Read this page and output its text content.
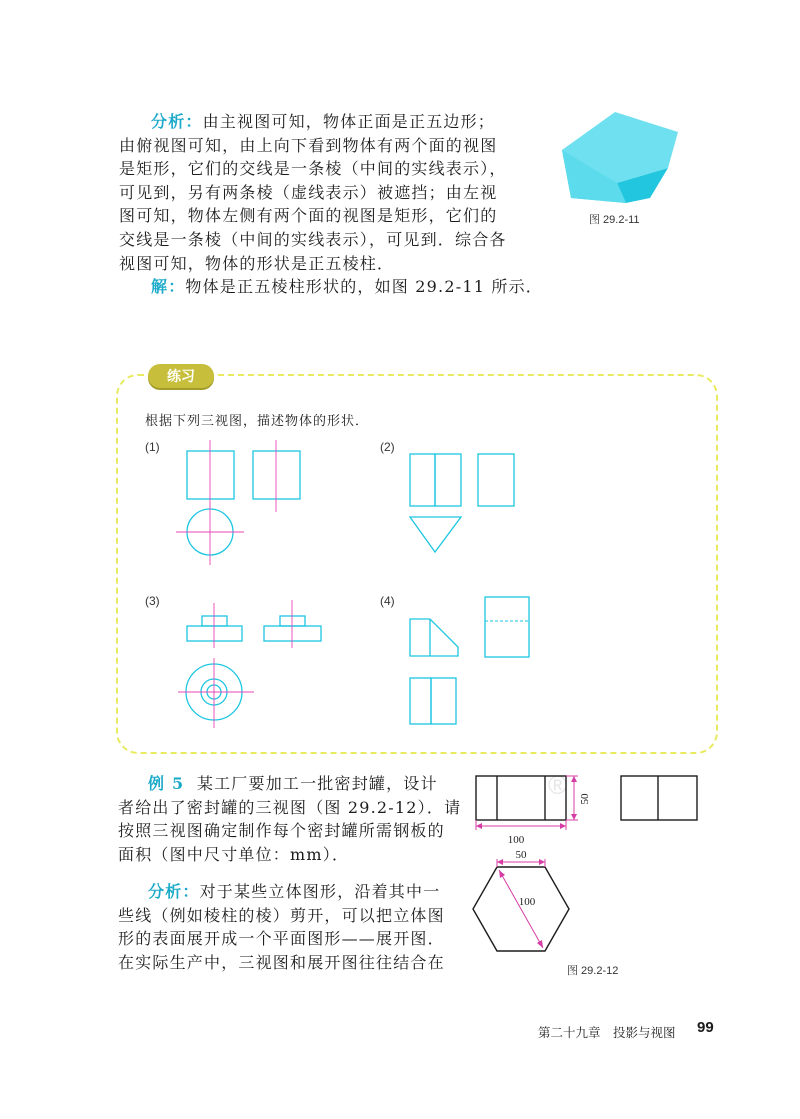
分析：由主视图可知，物体正面是正五边形；

由俯视图可知，由上向下看到物体有两个面的视图

是矩形，它们的交线是一条棱（中间的实线表示），

可见到，另有两条棱（虚线表示）被遮挡；由左视

图可知，物体左侧有两个面的视图是矩形，它们的

交线是一条棱（中间的实线表示），可见到．综合各

视图可知，物体的形状是正五棱柱．

解：物体是正五棱柱形状的，如图 29.2-11 所示．

图 29.2-11
练习
根据下列三视图，描述物体的形状．
(1)	(2)
(3)	(4)

例 5 某工厂要加工一批密封罐，设计

者给出了密封罐的三视图（图 29.2-12）．请

按照三视图确定制作每个密封罐所需钢板的

面积（图中尺寸单位：mm）．

分析：对于某些立体图形，沿着其中一

些线（例如棱柱的棱）剪开，可以把立体图

形的表面展开成一个平面图形——展开图．

在实际生产中，三视图和展开图往往结合在

® 50
100
50
100
图 29.2-12
第二十九章　投影与视图 99
